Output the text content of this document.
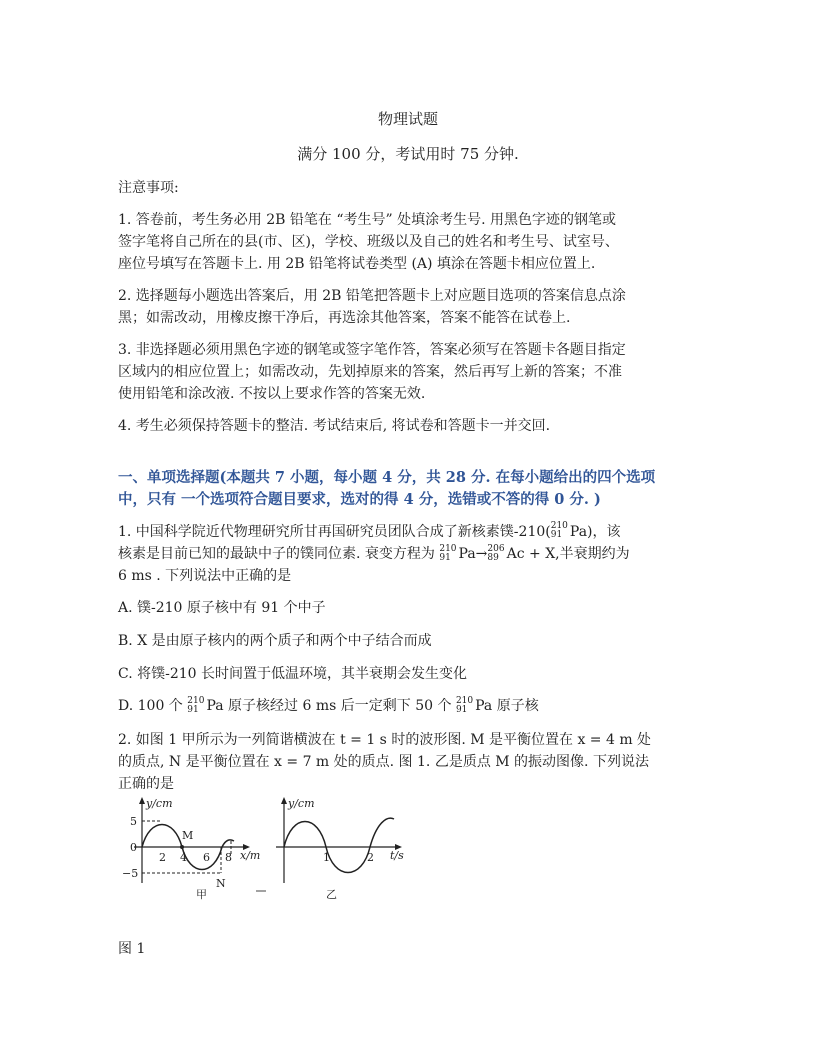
物理试题
满分 100 分，考试用时 75 分钟.
注意事项:
1. 答卷前，考生务必用 2B 铅笔在 “考生号” 处填涂考生号. 用黑色字迹的钢笔或
签字笔将自己所在的县(市、区)，学校、班级以及自己的姓名和考生号、试室号、
座位号填写在答题卡上. 用 2B 铅笔将试卷类型 (A) 填涂在答题卡相应位置上.
2. 选择题每小题选出答案后，用 2B 铅笔把答题卡上对应题目选项的答案信息点涂
黑；如需改动，用橡皮擦干净后，再选涂其他答案，答案不能答在试卷上.
3. 非选择题必须用黑色字迹的钢笔或签字笔作答，答案必须写在答题卡各题目指定
区域内的相应位置上；如需改动，先划掉原来的答案，然后再写上新的答案；不准
使用铅笔和涂改液. 不按以上要求作答的答案无效.
4. 考生必须保持答题卡的整洁. 考试结束后, 将试卷和答题卡一并交回.
一、单项选择题(本题共 7 小题，每小题 4 分，共 28 分. 在每小题给出的四个选项
中，只有 一个选项符合题目要求，选对的得 4 分，选错或不答的得 0 分. )
1. 中国科学院近代物理研究所甘再国研究员团队合成了新核素镤-210( 210
91 Pa)，该
核素是目前已知的最缺中子的镤同位素. 衰变方程为 210
91 Pa→ 206
89 Ac + X,半衰期约为
6 ms . 下列说法中正确的是
A. 镤-210 原子核中有 91 个中子
B. X 是由原子核内的两个质子和两个中子结合而成
C. 将镤-210 长时间置于低温环境，其半衰期会发生变化
D. 100 个 210
91 Pa 原子核经过 6 ms 后一定剩下 50 个 210
91 Pa 原子核
2. 如图 1 甲所示为一列简谐横波在 t = 1 s 时的波形图. M 是平衡位置在 x = 4 m 处
的质点, N 是平衡位置在 x = 7 m 处的质点. 图 1. 乙是质点 M 的振动图像. 下列说法
正确的是
y/cm
x/m
5
0
−5
2 4 6 8
M
N
甲
y/cm
t/s
1	2
乙
图 1
